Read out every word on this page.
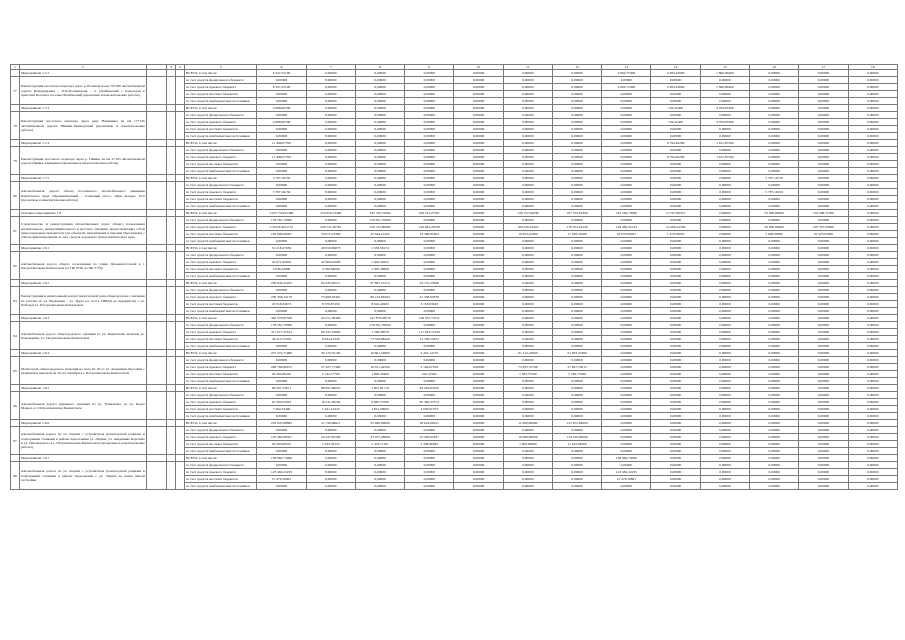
1	2		3	4	5	6	7	8	9	10	11	12	13	14	15	16	17	18
	Мероприятие 1.7.2				ВСЕГО, в том числе:	6 347,25100	0,00000	0,00000	0,00000	0,00000	0,00000	0,00000	2 802,75300	2 383,43600	1 860,90400	0,00000	0,00000	0,00000
77	Реконструкция мостового перехода через р. Большая на км 79+280 автомобильной дороги Кочкодумовка – Усть-Большерецк – п. Октябрьский с подъездом к пристани Косачи в поселке Октябрьский (проектные и изыскательские работы)				за счет средств федерального бюджета	0,00000	0,00000	0,00000	0,00000	0,00000	0,00000	0,00000	0,00000	0,00000	0,00000	0,00000	0,00000	0,00000
					за счет средств краевого бюджета	6 347,25100	0,00000	0,00000	0,00000	0,00000	0,00000	0,00000	2 802,75300	2 383,43600	1 860,90400	0,00000	0,00000	0,00000
					за счет средств местных бюджетов	0,00000	0,00000	0,00000	0,00000	0,00000	0,00000	0,00000	0,00000	0,00000	0,00000	0,00000	0,00000	0,00000
					за счет средств внебюджетных источников	0,00000	0,00000	0,00000	0,00000	0,00000	0,00000	0,00000	0,00000	0,00000	0,00000	0,00000	0,00000	0,00000
	Мероприятие 1.7.3				ВСЕГО, в том числе:	4 088,66700	0,00000	0,00000	0,00000	0,00000	0,00000	0,00000	0,00000	729,41400	3 359,95300	0,00000	0,00000	0,00000
78	Реконструкция мостового перехода через реку Начикинка на км 17+745 автомобильной дороги Шишки–Приморский (проектные и изыскательские работы)				за счет средств федерального бюджета	0,00000	0,00000	0,00000	0,00000	0,00000	0,00000	0,00000	0,00000	0,00000	0,00000	0,00000	0,00000	0,00000
					за счет средств краевого бюджета	4 088,66700	0,00000	0,00000	0,00000	0,00000	0,00000	0,00000	0,00000	729,41400	3 359,95300	0,00000	0,00000	0,00000
					за счет средств местных бюджетов	0,00000	0,00000	0,00000	0,00000	0,00000	0,00000	0,00000	0,00000	0,00000	0,00000	0,00000	0,00000	0,00000
					за счет средств внебюджетных источников	0,00000	0,00000	0,00000	0,00000	0,00000	0,00000	0,00000	0,00000	0,00000	0,00000	0,00000	0,00000	0,00000
	Мероприятие 1.7.4				ВСЕГО, в том числе:	11 406,07700	0,00000	0,00000	0,00000	0,00000	0,00000	0,00000	0,00000	9 794,20200	1 611,87500	0,00000	0,00000	0,00000
79	Реконструкция мостового перехода через р. Пиняка на км 4+163 автомобильной дороги Пиняка–Прищепка (проектные и изыскательские работы)				за счет средств федерального бюджета	0,00000	0,00000	0,00000	0,00000	0,00000	0,00000	0,00000	0,00000	0,00000	0,00000	0,00000	0,00000	0,00000
					за счет средств краевого бюджета	11 406,07700	0,00000	0,00000	0,00000	0,00000	0,00000	0,00000	0,00000	9 794,20200	1 611,87500	0,00000	0,00000	0,00000
					за счет средств местных бюджетов	0,00000	0,00000	0,00000	0,00000	0,00000	0,00000	0,00000	0,00000	0,00000	0,00000	0,00000	0,00000	0,00000
					за счет средств внебюджетных источников	0,00000	0,00000	0,00000	0,00000	0,00000	0,00000	0,00000	0,00000	0,00000	0,00000	0,00000	0,00000	0,00000
	Мероприятие 1.7.5				ВСЕГО, в том числе:	5 787,16159	0,00000	0,00000	0,00000	0,00000	0,00000	0,00000	0,00000	0,00000	0,00000	5 787,16159	0,00000	0,00000
80	Автомобильная дорога объезд поселкового автомобильного движения Камчатского края «Промышленный – Северный мост» «При въезде» 10,0 (проектные и изыскательские работы)				за счет средств федерального бюджета	0,00000	0,00000	0,00000	0,00000	0,00000	0,00000	0,00000	0,00000	0,00000	0,00000	0,00000	0,00000	0,00000
					за счет средств краевого бюджета	5 787,16159	0,00000	0,00000	0,00000	0,00000	0,00000	0,00000	0,00000	0,00000	0,00000	5 787,16159	0,00000	0,00000
					за счет средств местных бюджетов	0,00000	0,00000	0,00000	0,00000	0,00000	0,00000	0,00000	0,00000	0,00000	0,00000	0,00000	0,00000	0,00000
					за счет средств внебюджетных источников	0,00000	0,00000	0,00000	0,00000	0,00000	0,00000	0,00000	0,00000	0,00000	0,00000	0,00000	0,00000	0,00000
	Основное мероприятие 1.8				ВСЕГО, в том числе:	5 657 794,91468	274 050,13490	342 720,31694	358 251,27301	0,00000	120 157,04838	187 319,02300	145 562,73096	15 767,80331	0,00000	55 000,00000	118 208,71300	0,00000
81	Строительство и реконструкция автомобильных дорог общего пользования регионального, межмуниципального и местного значения, представляющих собой первоочередные приоритеты (по объектам, включённым в перечни Программы) с учётом финансирования за счёт средств дорожного фонда Камчатского края				за счет средств федерального бюджета	178 561,70000	0,00000	178 561,70000	0,00000	0,00000	0,00000	0,00000	0,00000	0,00000	0,00000	0,00000	0,00000	0,00000
					за счет средств краевого бюджета	5 334 818,61751	240 751,39781	158 725,80084	216 081,26538	0,00000	109 236,54422	170 253,61239	129 482,32135	14 289,24358	0,00000	50 000,00000	105 337,05000	0,00000
					за счет средств местных бюджетов	162 899,60487	34 071,23369	45 844,12423	13 308,81804	0,00000	10 923,45966	17 026,52269	16 079,90491	1 478,56623	0,00000	5 000,00000	10 525,92000	0,00000
					за счет средств внебюджетных источников	0,00000	0,00000	0,00000	0,00000	0,00000	0,00000	0,00000	0,00000	0,00000	0,00000	0,00000	0,00000	0,00000
	Мероприятие 1.8.1				ВСЕГО, в том числе:	51 218,27039	49 659,69073	1 558,58174	0,00000	0,00000	0,00000	0,00000	0,00000	0,00000	0,00000	0,00000	0,00000	0,00000
82	Автомобильная дорога общего пользования по улице Дальневосточной в г. Петропавловске-Камчатском (от ПК 0+00 до ПК 3+76)				за счет средств федерального бюджета	0,00000	0,00000	0,00000	0,00000	0,00000	0,00000	0,00000	0,00000	0,00000	0,00000	0,00000	0,00000	0,00000
					за счет средств краевого бюджета	45 671,92852	42 900,02000	1 403,29432	0,00000	0,00000	0,00000	0,00000	0,00000	0,00000	0,00000	0,00000	0,00000	0,00000
					за счет средств местных бюджетов	5 646,34068	4 760,64000	1 305,36908	0,00000	0,00000	0,00000	0,00000	0,00000	0,00000	0,00000	0,00000	0,00000	0,00000
					за счет средств внебюджетных источников	0,00000	0,00000	0,00000	0,00000	0,00000	0,00000	0,00000	0,00000	0,00000	0,00000	0,00000	0,00000	0,00000
	Мероприятие 1.8.2				ВСЕГО, в том числе:	250 643,41955	84 345,58571	97 867,13174	54 731,23946	0,00000	0,00000	0,00000	0,00000	0,00000	0,00000	0,00000	0,00000	0,00000
83	Реконструкция и капитальный ремонт магистралей улиц общегородского значения на участке по ул. Вулканная – ул. Труда (от поста ГИБДД до перекрёстка с ул. Победы) в г. Петропавловске-Камчатском				за счет средств федерального бюджета	0,00000	0,00000	0,00000	0,00000	0,00000	0,00000	0,00000	0,00000	0,00000	0,00000	0,00000	0,00000	0,00000
					за счет средств краевого бюджета	230 358,24170	75 968,70401	89 153,66294	41 338,95876	0,00000	0,00000	0,00000	0,00000	0,00000	0,00000	0,00000	0,00000	0,00000
					за счет средств местных бюджетов	20 318,34672	8 376,87450	8 616,44903	3 158,93618	0,00000	0,00000	0,00000	0,00000	0,00000	0,00000	0,00000	0,00000	0,00000
					за счет средств внебюджетных источников	0,00000	0,00000	0,00000	0,00000	0,00000	0,00000	0,00000	0,00000	0,00000	0,00000	0,00000	0,00000	0,00000
	Мероприятие 1.8.3				ВСЕГО, в том числе:	362 579,87328	94 571,38490	147 878,28579	100 657,73311	0,00000	0,00000	0,00000	0,00000	0,00000	0,00000	0,00000	0,00000	0,00000
84	Автомобильная дорога общегородского значения по ул. Кавказской, включая ул. Пономарёва, в г. Петропавловске-Камчатском				за счет средств федерального бюджета	178 561,70000	0,00000	178 561,70000	0,00000	0,00000	0,00000	0,00000	0,00000	0,00000	0,00000	0,00000	0,00000	0,00000
					за счет средств краевого бюджета	317 977,31814	60 347,33000	1 766,28578	117 643,57328	0,00000	0,00000	0,00000	0,00000	0,00000	0,00000	0,00000	0,00000	0,00000
					за счет средств местных бюджетов	44 015,72334	8 634,21340	73 529,88440	12 766,15673	0,00000	0,00000	0,00000	0,00000	0,00000	0,00000	0,00000	0,00000	0,00000
					за счет средств внебюджетных источников	0,00000	0,00000	0,00000	0,00000	0,00000	0,00000	0,00000	0,00000	0,00000	0,00000	0,00000	0,00000	0,00000
	Мероприятие 1.8.4				ВСЕГО, в том числе:	227 372,71986	30 170,55190	18 601,54860	2 401,14770	0,00000	91 212,23600	61 003,25360	0,00000	0,00000	0,00000	0,00000	0,00000	0,00000
85	Магистраль общегородского значения на поле 19–20 от ул. Академика Королёва с развязкой и выходом на 50 лет Октября в г. Петропавловске-Камчатском				за счет средств федерального бюджета	0,00000	0,00000	0,00000	0,00000	0,00000	0,00000	0,00000	0,00000	0,00000	0,00000	0,00000	0,00000	0,00000
					за счет средств краевого бюджета	206 766,80475	27 427,77490	16 911,42500	2 164,87108	0,00000	75 835,79798	57 827,53013	0,00000	0,00000	0,00000	0,00000	0,00000	0,00000
					за счет средств местных бюджетов	20 205,86410	2 742,77700	1 690,20460	216,47562	0,00000	7 583,57560	5 782,75598	0,00000	0,00000	0,00000	0,00000	0,00000	0,00000
					за счет средств внебюджетных источников	0,00000	0,00000	0,00000	0,00000	0,00000	0,00000	0,00000	0,00000	0,00000	0,00000	0,00000	0,00000	0,00000
	Мероприятие 1.8.5				ВСЕГО, в том числе:	69 207,53071	88 951,69047	1 801,81719	64 454,83350	0,00000	0,00000	0,00000	0,00000	0,00000	0,00000	0,00000	0,00000	0,00000
86	Автомобильная дорога районного значения по ул. Тушканова, до ул. Карла Маркса в г. Петропавловске-Камчатском				за счет средств федерального бюджета	0,00000	0,00000	0,00000	0,00000	0,00000	0,00000	0,00000	0,00000	0,00000	0,00000	0,00000	0,00000	0,00000
					за счет средств краевого бюджета	61 565,02023	16 411,36230	9 685,55700	85 382,37374	0,00000	0,00000	0,00000	0,00000	0,00000	0,00000	0,00000	0,00000	0,00000
					за счет средств местных бюджетов	7 492,53449	1 641,15423	1 812,26000	4 930,91373	0,00000	0,00000	0,00000	0,00000	0,00000	0,00000	0,00000	0,00000	0,00000
					за счет средств внебюджетных источников	0,00000	0,00000	0,00000	0,00000	0,00000	0,00000	0,00000	0,00000	0,00000	0,00000	0,00000	0,00000	0,00000
	Мероприятие 1.8.6				ВСЕГО, в том числе:	218 047,86882	21 726,96611	25 496,99090	28 624,08411	0,00000	11 000,00000	131 672,94000	0,00000	0,00000	0,00000	0,00000	0,00000	0,00000
87	Автомобильная дорога по ул. Ларина с устройством транспортной развязки и подпорными стенками в районе пересечения ул. Ларина, ул. Академика Королёва и ул. Циолковского в г. Петропавловске-Камчатском (проектные и изыскательские работы)				за счет средств федерального бюджета	0,00000	0,00000	0,00000	0,00000	0,00000	0,00000	0,00000	0,00000	0,00000	0,00000	0,00000	0,00000	0,00000
					за счет средств краевого бюджета	197 462,86327	20 447,95560	23 167,28090	22 285,61827	0,00000	10 000,00000	119 430,00000	0,00000	0,00000	0,00000	0,00000	0,00000	0,00000
					за счет средств местных бюджетов	20 585,00555	1 045,79133	2 443,71101	2 338,46584	0,00000	1 000,00000	11 242,94000	0,00000	0,00000	0,00000	0,00000	0,00000	0,00000
					за счет средств внебюджетных источников	0,00000	0,00000	0,00000	0,00000	0,00000	0,00000	0,00000	0,00000	0,00000	0,00000	0,00000	0,00000	0,00000
	Мероприятие 1.8.7				ВСЕГО, в том числе:	138 962,73096	0,00000	0,00000	0,00000	0,00000	0,00000	0,00000	138 962,73096	0,00000	0,00000	0,00000	0,00000	0,00000
88	Автомобильная дорога по ул. Ларина с устройством транспортной развязки и подпорными стенками в районе пересечения с ул. Ларина до конца жилой застройки				за счет средств федерального бюджета	0,00000	0,00000	0,00000	0,00000	0,00000	0,00000	0,00000	0,00000	0,00000	0,00000	0,00000	0,00000	0,00000
					за счет средств краевого бюджета	123 482,22235	0,00000	0,00000	0,00000	0,00000	0,00000	0,00000	123 482,22235	0,00000	0,00000	0,00000	0,00000	0,00000
					за счет средств местных бюджетов	15 479,50861	0,00000	0,00000	0,00000	0,00000	0,00000	0,00000	15 479,50861	0,00000	0,00000	0,00000	0,00000	0,00000
					за счет средств внебюджетных источников	0,00000	0,00000	0,00000	0,00000	0,00000	0,00000	0,00000	0,00000	0,00000	0,00000	0,00000	0,00000	0,00000
